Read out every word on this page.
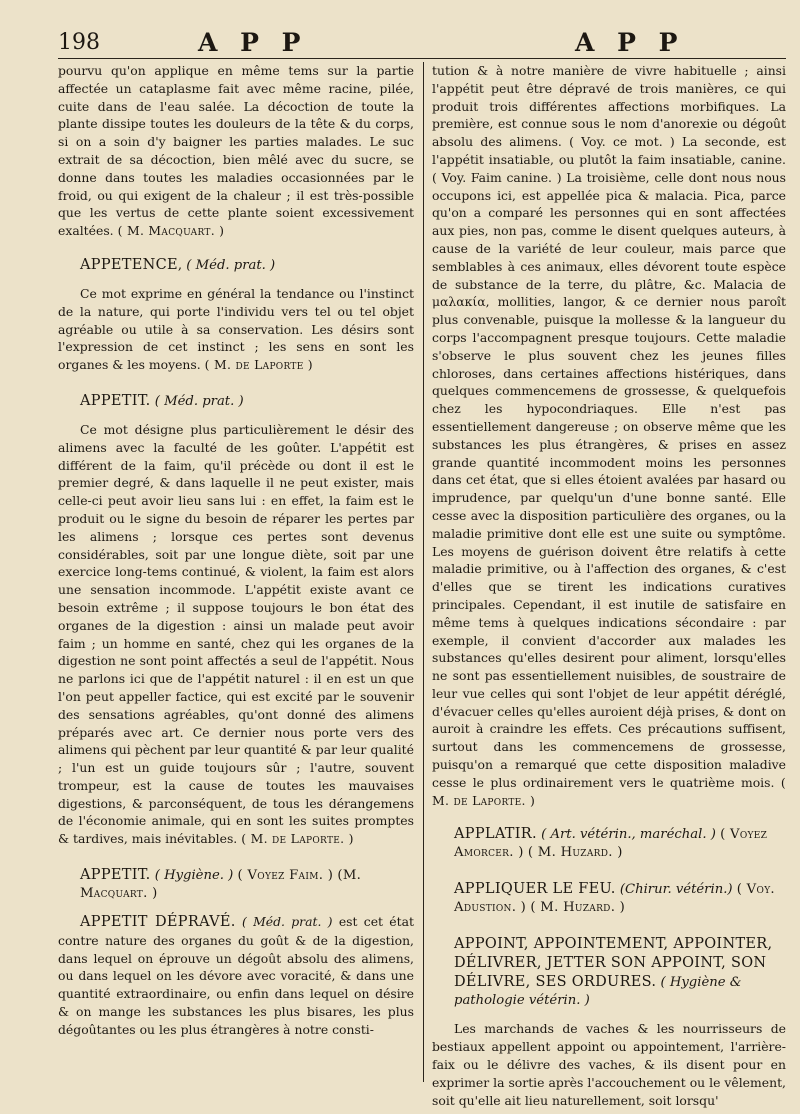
198	A P P	A P P

pourvu qu'on applique en même tems sur la partie affectée un cataplasme fait avec même racine, pilée, cuite dans de l'eau salée. La décoction de toute la plante dissipe toutes les douleurs de la tête & du corps, si on a soin d'y baigner les parties malades. Le suc extrait de sa décoction, bien mêlé avec du sucre, se donne dans toutes les maladies occasionnées par le froid, ou qui exigent de la chaleur ; il est très-possible que les vertus de cette plante soient excessivement exaltées. ( M. Macquart. )

APPETENCE, ( Méd. prat. )

Ce mot exprime en général la tendance ou l'instinct de la nature, qui porte l'individu vers tel ou tel objet agréable ou utile à sa conservation. Les désirs sont l'expression de cet instinct ; les sens en sont les organes & les moyens. ( M. de Laporte )

APPETIT. ( Méd. prat. )

Ce mot désigne plus particulièrement le désir des alimens avec la faculté de les goûter. L'appétit est différent de la faim, qu'il précède ou dont il est le premier degré, & dans laquelle il ne peut exister, mais celle-ci peut avoir lieu sans lui : en effet, la faim est le produit ou le signe du besoin de réparer les pertes par les alimens ; lorsque ces pertes sont devenus considérables, soit par une longue diète, soit par une exercice long-tems continué, & violent, la faim est alors une sensation incommode. L'appétit existe avant ce besoin extrême ; il suppose toujours le bon état des organes de la digestion : ainsi un malade peut avoir faim ; un homme en santé, chez qui les organes de la digestion ne sont point affectés a seul de l'appétit. Nous ne parlons ici que de l'appétit naturel : il en est un que l'on peut appeller factice, qui est excité par le souvenir des sensations agréables, qu'ont donné des alimens préparés avec art. Ce dernier nous porte vers des alimens qui pèchent par leur quantité & par leur qualité ; l'un est un guide toujours sûr ; l'autre, souvent trompeur, est la cause de toutes les mauvaises digestions, & parconséquent, de tous les dérangemens de l'économie animale, qui en sont les suites promptes & tardives, mais inévitables. ( M. de Laporte. )

APPETIT. ( Hygiène. ) ( Voyez Faim. ) (M. Macquart. )

APPETIT DÉPRAVÉ. ( Méd. prat. ) est cet état contre nature des organes du goût & de la digestion, dans lequel on éprouve un dégoût absolu des alimens, ou dans lequel on les dévore avec voracité, & dans une quantité extraordinaire, ou enfin dans lequel on désire & on mange les substances les plus bisares, les plus dégoûtantes ou les plus étrangères à notre consti-

tution & à notre manière de vivre habituelle ; ainsi l'appétit peut être dépravé de trois manières, ce qui produit trois différentes affections morbifiques. La première, est connue sous le nom d'anorexie ou dégoût absolu des alimens. ( Voy. ce mot. ) La seconde, est l'appétit insatiable, ou plutôt la faim insatiable, canine. ( Voy. Faim canine. ) La troisième, celle dont nous nous occupons ici, est appellée pica & malacia. Pica, parce qu'on a comparé les personnes qui en sont affectées aux pies, non pas, comme le disent quelques auteurs, à cause de la variété de leur couleur, mais parce que semblables à ces animaux, elles dévorent toute espèce de substance de la terre, du plâtre, &c. Malacia de μαλακία, mollities, langor, & ce dernier nous paroît plus convenable, puisque la mollesse & la langueur du corps l'accompagnent presque toujours. Cette maladie s'observe le plus souvent chez les jeunes filles chloroses, dans certaines affections histériques, dans quelques commencemens de grossesse, & quelquefois chez les hypocondriaques. Elle n'est pas essentiellement dangereuse ; on observe même que les substances les plus étrangères, & prises en assez grande quantité incommodent moins les personnes dans cet état, que si elles étoient avalées par hasard ou imprudence, par quelqu'un d'une bonne santé. Elle cesse avec la disposition particulière des organes, ou la maladie primitive dont elle est une suite ou symptôme. Les moyens de guérison doivent être relatifs à cette maladie primitive, ou à l'affection des organes, & c'est d'elles que se tirent les indications curatives principales. Cependant, il est inutile de satisfaire en même tems à quelques indications sécondaire : par exemple, il convient d'accorder aux malades les substances qu'elles desirent pour aliment, lorsqu'elles ne sont pas essentiellement nuisibles, de soustraire de leur vue celles qui sont l'objet de leur appétit déréglé, d'évacuer celles qu'elles auroient déjà prises, & dont on auroit à craindre les effets. Ces précautions suffisent, surtout dans les commencemens de grossesse, puisqu'on a remarqué que cette disposition maladive cesse le plus ordinairement vers le quatrième mois. ( M. de Laporte. )

APPLATIR. ( Art. vétérin., maréchal. ) ( Voyez Amorcer. ) ( M. Huzard. )
APPLIQUER LE FEU. (Chirur. vétérin.) ( Voy. Adustion. ) ( M. Huzard. )
APPOINT, APPOINTEMENT, APPOINTER, DÉLIVRER, JETTER SON APPOINT, SON DÉLIVRE, SES ORDURES. ( Hygiène & pathologie vétérin. )

Les marchands de vaches & les nourrisseurs de bestiaux appellent appoint ou appointement, l'arrière-faix ou le délivre des vaches, & ils disent pour en exprimer la sortie après l'accouchement ou le vêlement, soit qu'elle ait lieu naturellement, soit lorsqu'
